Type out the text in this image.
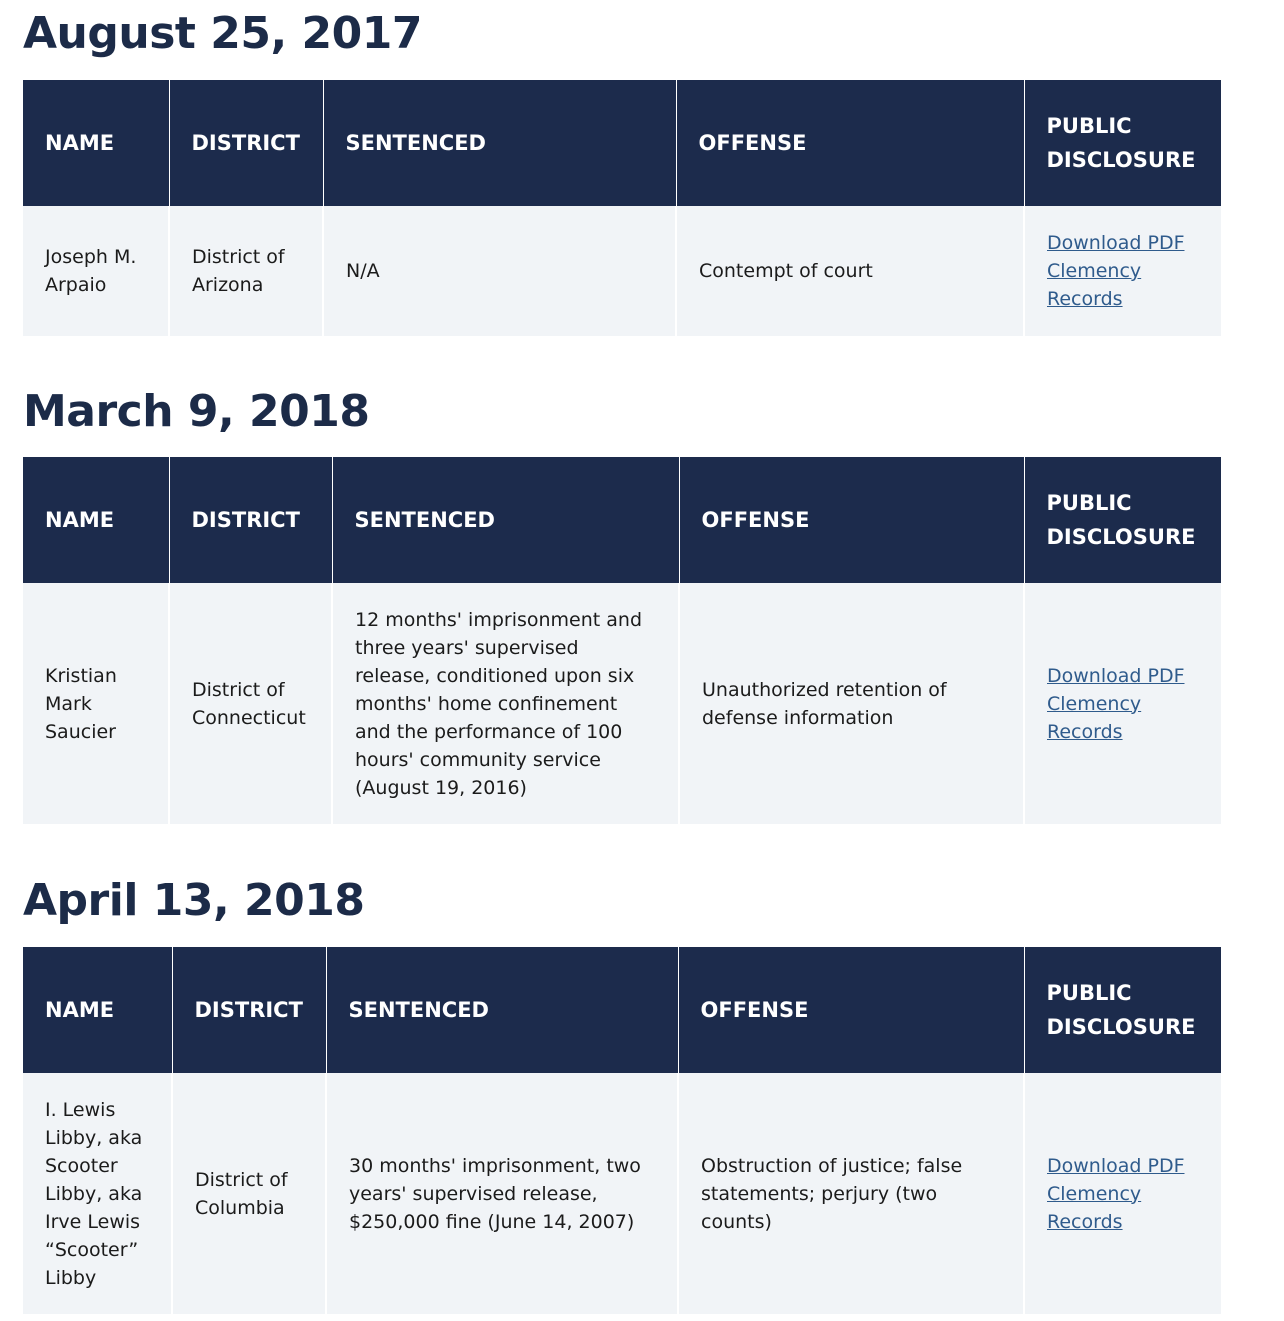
August 25, 2017
NAME	DISTRICT	SENTENCED	OFFENSE	PUBLIC DISCLOSURE
Joseph M. Arpaio	District of Arizona	N/A	Contempt of court	Download PDF Clemency Records
March 9, 2018
NAME	DISTRICT	SENTENCED	OFFENSE	PUBLIC DISCLOSURE
Kristian Mark Saucier	District of Connecticut	12 months' imprisonment and three years' supervised release, conditioned upon six months' home confinement and the performance of 100 hours' community service (August 19, 2016)	Unauthorized retention of defense information	Download PDF Clemency Records
April 13, 2018
NAME	DISTRICT	SENTENCED	OFFENSE	PUBLIC DISCLOSURE
I. Lewis Libby, aka Scooter Libby, aka Irve Lewis “Scooter” Libby	District of Columbia	30 months' imprisonment, two years' supervised release, $250,000 fine (June 14, 2007)	Obstruction of justice; false statements; perjury (two counts)	Download PDF Clemency Records
